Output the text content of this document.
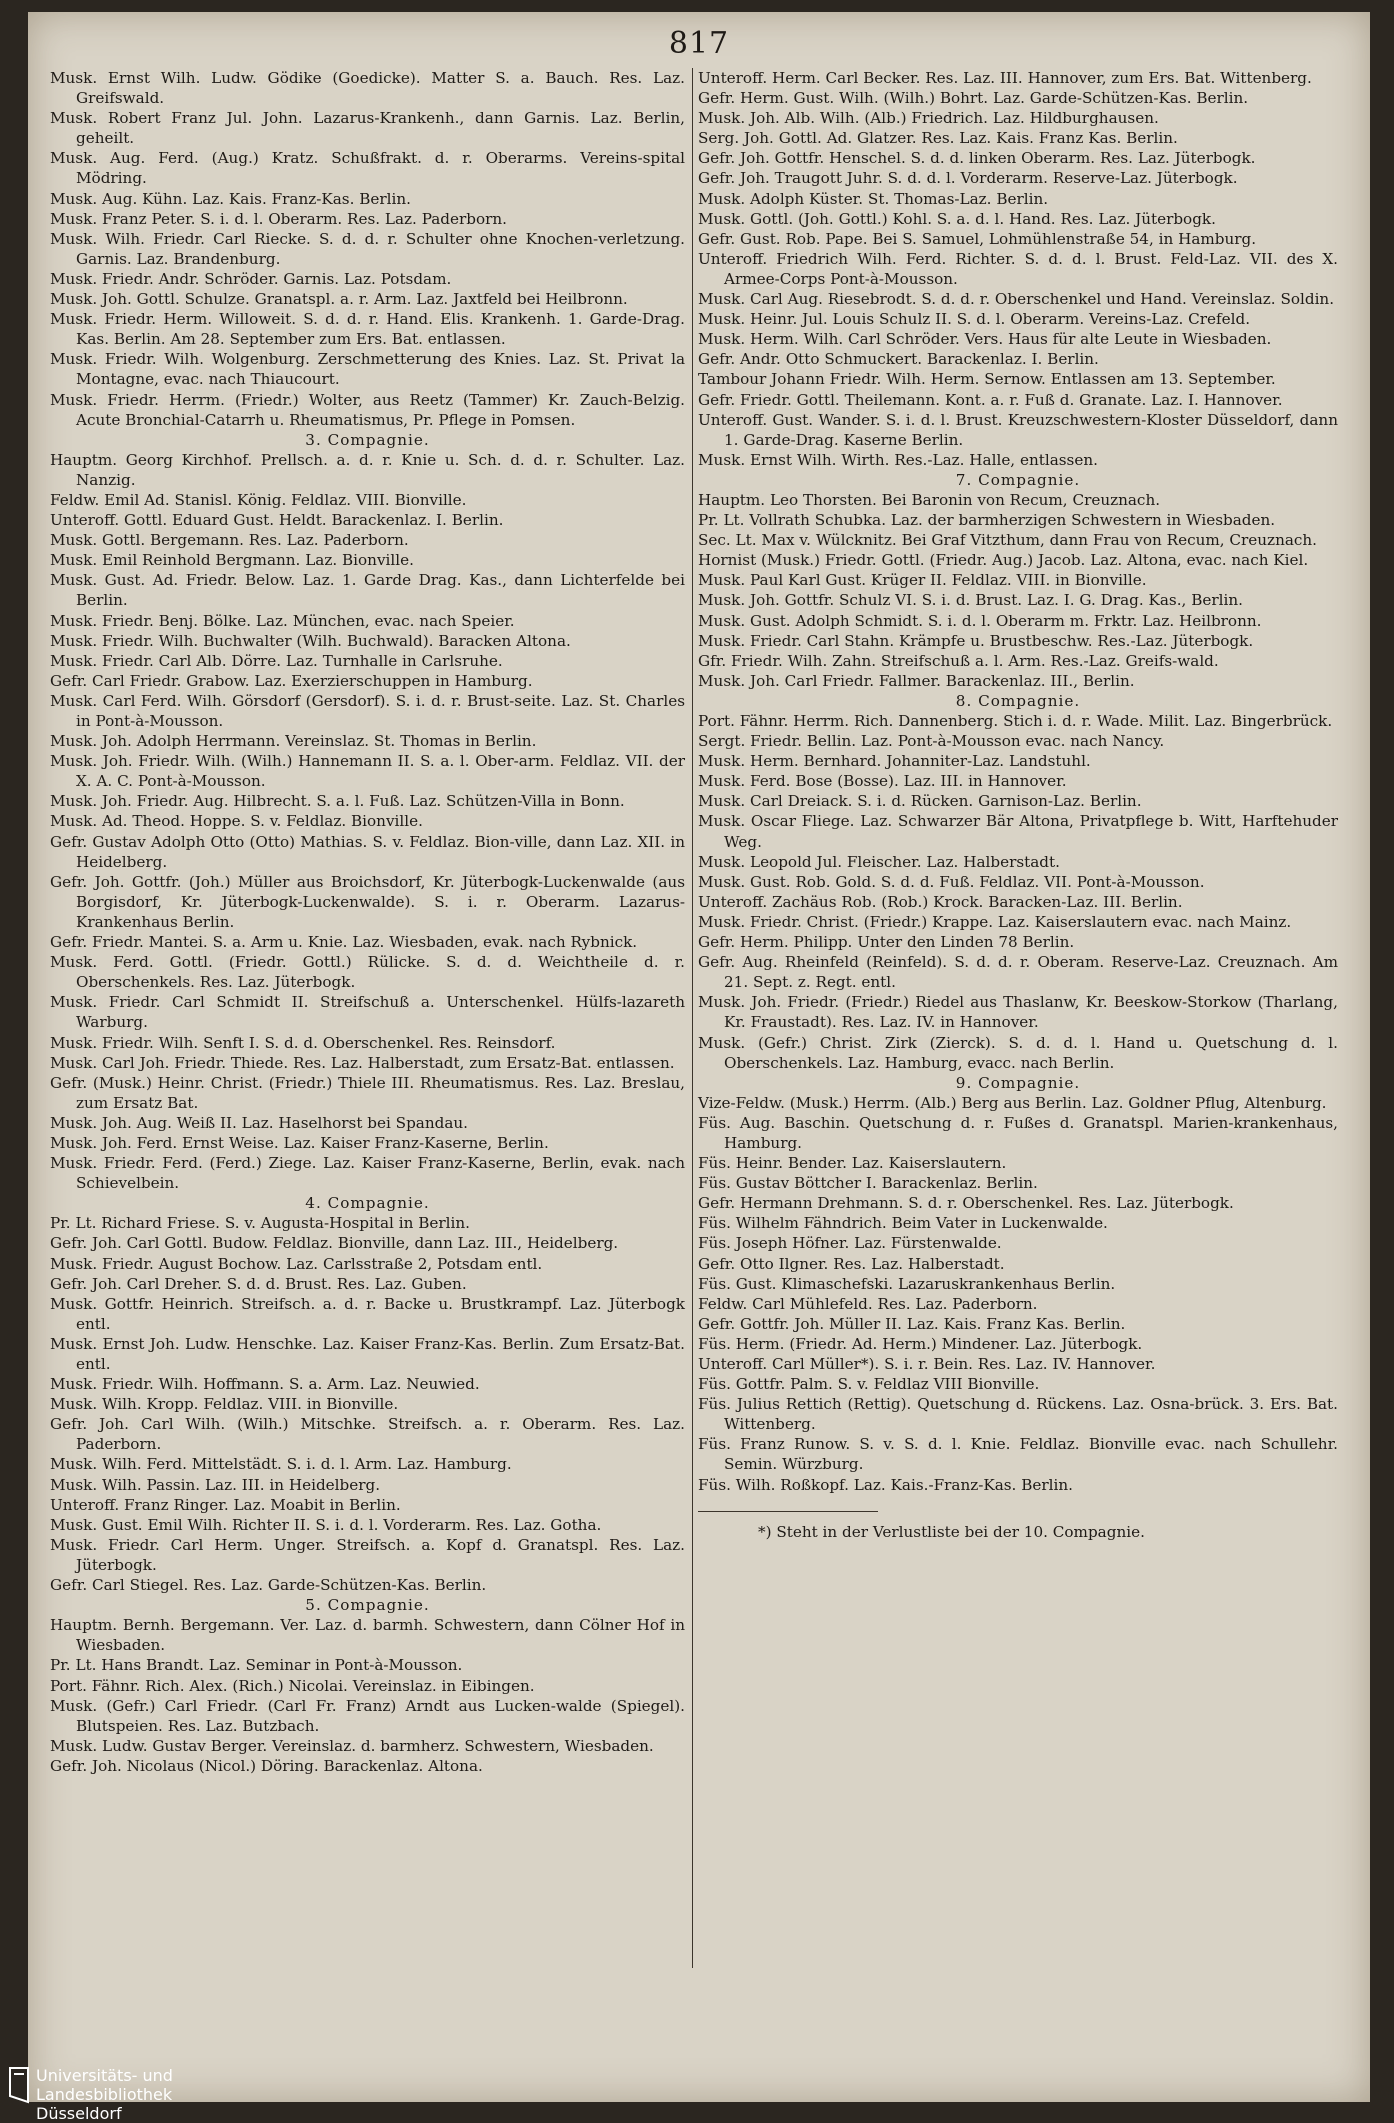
817

Musk. Ernst Wilh. Ludw. Gödike (Goedicke). Matter S. a. Bauch. Res. Laz. Greifswald.

Musk. Robert Franz Jul. John. Lazarus-Krankenh., dann Garnis. Laz. Berlin, geheilt.

Musk. Aug. Ferd. (Aug.) Kratz. Schußfrakt. d. r. Oberarms. Vereins-spital Mödring.

Musk. Aug. Kühn. Laz. Kais. Franz-Kas. Berlin.

Musk. Franz Peter. S. i. d. l. Oberarm. Res. Laz. Paderborn.

Musk. Wilh. Friedr. Carl Riecke. S. d. d. r. Schulter ohne Knochen-verletzung. Garnis. Laz. Brandenburg.

Musk. Friedr. Andr. Schröder. Garnis. Laz. Potsdam.

Musk. Joh. Gottl. Schulze. Granatspl. a. r. Arm. Laz. Jaxtfeld bei Heilbronn.

Musk. Friedr. Herm. Willoweit. S. d. d. r. Hand. Elis. Krankenh. 1. Garde-Drag. Kas. Berlin. Am 28. September zum Ers. Bat. entlassen.

Musk. Friedr. Wilh. Wolgenburg. Zerschmetterung des Knies. Laz. St. Privat la Montagne, evac. nach Thiaucourt.

Musk. Friedr. Herrm. (Friedr.) Wolter, aus Reetz (Tammer) Kr. Zauch-Belzig. Acute Bronchial-Catarrh u. Rheumatismus, Pr. Pflege in Pomsen.

3. Compagnie.

Hauptm. Georg Kirchhof. Prellsch. a. d. r. Knie u. Sch. d. d. r. Schulter. Laz. Nanzig.

Feldw. Emil Ad. Stanisl. König. Feldlaz. VIII. Bionville.

Unteroff. Gottl. Eduard Gust. Heldt. Barackenlaz. I. Berlin.

Musk. Gottl. Bergemann. Res. Laz. Paderborn.

Musk. Emil Reinhold Bergmann. Laz. Bionville.

Musk. Gust. Ad. Friedr. Below. Laz. 1. Garde Drag. Kas., dann Lichterfelde bei Berlin.

Musk. Friedr. Benj. Bölke. Laz. München, evac. nach Speier.

Musk. Friedr. Wilh. Buchwalter (Wilh. Buchwald). Baracken Altona.

Musk. Friedr. Carl Alb. Dörre. Laz. Turnhalle in Carlsruhe.

Gefr. Carl Friedr. Grabow. Laz. Exerzierschuppen in Hamburg.

Musk. Carl Ferd. Wilh. Görsdorf (Gersdorf). S. i. d. r. Brust-seite. Laz. St. Charles in Pont-à-Mousson.

Musk. Joh. Adolph Herrmann. Vereinslaz. St. Thomas in Berlin.

Musk. Joh. Friedr. Wilh. (Wilh.) Hannemann II. S. a. l. Ober-arm. Feldlaz. VII. der X. A. C. Pont-à-Mousson.

Musk. Joh. Friedr. Aug. Hilbrecht. S. a. l. Fuß. Laz. Schützen-Villa in Bonn.

Musk. Ad. Theod. Hoppe. S. v. Feldlaz. Bionville.

Gefr. Gustav Adolph Otto (Otto) Mathias. S. v. Feldlaz. Bion-ville, dann Laz. XII. in Heidelberg.

Gefr. Joh. Gottfr. (Joh.) Müller aus Broichsdorf, Kr. Jüterbogk-Luckenwalde (aus Borgisdorf, Kr. Jüterbogk-Luckenwalde). S. i. r. Oberarm. Lazarus-Krankenhaus Berlin.

Gefr. Friedr. Mantei. S. a. Arm u. Knie. Laz. Wiesbaden, evak. nach Rybnick.

Musk. Ferd. Gottl. (Friedr. Gottl.) Rülicke. S. d. d. Weichtheile d. r. Oberschenkels. Res. Laz. Jüterbogk.

Musk. Friedr. Carl Schmidt II. Streifschuß a. Unterschenkel. Hülfs-lazareth Warburg.

Musk. Friedr. Wilh. Senft I. S. d. d. Oberschenkel. Res. Reinsdorf.

Musk. Carl Joh. Friedr. Thiede. Res. Laz. Halberstadt, zum Ersatz-Bat. entlassen.

Gefr. (Musk.) Heinr. Christ. (Friedr.) Thiele III. Rheumatismus. Res. Laz. Breslau, zum Ersatz Bat.

Musk. Joh. Aug. Weiß II. Laz. Haselhorst bei Spandau.

Musk. Joh. Ferd. Ernst Weise. Laz. Kaiser Franz-Kaserne, Berlin.

Musk. Friedr. Ferd. (Ferd.) Ziege. Laz. Kaiser Franz-Kaserne, Berlin, evak. nach Schievelbein.

4. Compagnie.

Pr. Lt. Richard Friese. S. v. Augusta-Hospital in Berlin.

Gefr. Joh. Carl Gottl. Budow. Feldlaz. Bionville, dann Laz. III., Heidelberg.

Musk. Friedr. August Bochow. Laz. Carlsstraße 2, Potsdam entl.

Gefr. Joh. Carl Dreher. S. d. d. Brust. Res. Laz. Guben.

Musk. Gottfr. Heinrich. Streifsch. a. d. r. Backe u. Brustkrampf. Laz. Jüterbogk entl.

Musk. Ernst Joh. Ludw. Henschke. Laz. Kaiser Franz-Kas. Berlin. Zum Ersatz-Bat. entl.

Musk. Friedr. Wilh. Hoffmann. S. a. Arm. Laz. Neuwied.

Musk. Wilh. Kropp. Feldlaz. VIII. in Bionville.

Gefr. Joh. Carl Wilh. (Wilh.) Mitschke. Streifsch. a. r. Oberarm. Res. Laz. Paderborn.

Musk. Wilh. Ferd. Mittelstädt. S. i. d. l. Arm. Laz. Hamburg.

Musk. Wilh. Passin. Laz. III. in Heidelberg.

Unteroff. Franz Ringer. Laz. Moabit in Berlin.

Musk. Gust. Emil Wilh. Richter II. S. i. d. l. Vorderarm. Res. Laz. Gotha.

Musk. Friedr. Carl Herm. Unger. Streifsch. a. Kopf d. Granatspl. Res. Laz. Jüterbogk.

Gefr. Carl Stiegel. Res. Laz. Garde-Schützen-Kas. Berlin.

5. Compagnie.

Hauptm. Bernh. Bergemann. Ver. Laz. d. barmh. Schwestern, dann Cölner Hof in Wiesbaden.

Pr. Lt. Hans Brandt. Laz. Seminar in Pont-à-Mousson.

Port. Fähnr. Rich. Alex. (Rich.) Nicolai. Vereinslaz. in Eibingen.

Musk. (Gefr.) Carl Friedr. (Carl Fr. Franz) Arndt aus Lucken-walde (Spiegel). Blutspeien. Res. Laz. Butzbach.

Musk. Ludw. Gustav Berger. Vereinslaz. d. barmherz. Schwestern, Wiesbaden.

Gefr. Joh. Nicolaus (Nicol.) Döring. Barackenlaz. Altona.

Unteroff. Herm. Carl Becker. Res. Laz. III. Hannover, zum Ers. Bat. Wittenberg.

Gefr. Herm. Gust. Wilh. (Wilh.) Bohrt. Laz. Garde-Schützen-Kas. Berlin.

Musk. Joh. Alb. Wilh. (Alb.) Friedrich. Laz. Hildburghausen.

Serg. Joh. Gottl. Ad. Glatzer. Res. Laz. Kais. Franz Kas. Berlin.

Gefr. Joh. Gottfr. Henschel. S. d. d. linken Oberarm. Res. Laz. Jüterbogk.

Gefr. Joh. Traugott Juhr. S. d. d. l. Vorderarm. Reserve-Laz. Jüterbogk.

Musk. Adolph Küster. St. Thomas-Laz. Berlin.

Musk. Gottl. (Joh. Gottl.) Kohl. S. a. d. l. Hand. Res. Laz. Jüterbogk.

Gefr. Gust. Rob. Pape. Bei S. Samuel, Lohmühlenstraße 54, in Hamburg.

Unteroff. Friedrich Wilh. Ferd. Richter. S. d. d. l. Brust. Feld-Laz. VII. des X. Armee-Corps Pont-à-Mousson.

Musk. Carl Aug. Riesebrodt. S. d. d. r. Oberschenkel und Hand. Vereinslaz. Soldin.

Musk. Heinr. Jul. Louis Schulz II. S. d. l. Oberarm. Vereins-Laz. Crefeld.

Musk. Herm. Wilh. Carl Schröder. Vers. Haus für alte Leute in Wiesbaden.

Gefr. Andr. Otto Schmuckert. Barackenlaz. I. Berlin.

Tambour Johann Friedr. Wilh. Herm. Sernow. Entlassen am 13. September.

Gefr. Friedr. Gottl. Theilemann. Kont. a. r. Fuß d. Granate. Laz. I. Hannover.

Unteroff. Gust. Wander. S. i. d. l. Brust. Kreuzschwestern-Kloster Düsseldorf, dann 1. Garde-Drag. Kaserne Berlin.

Musk. Ernst Wilh. Wirth. Res.-Laz. Halle, entlassen.

7. Compagnie.

Hauptm. Leo Thorsten. Bei Baronin von Recum, Creuznach.

Pr. Lt. Vollrath Schubka. Laz. der barmherzigen Schwestern in Wiesbaden.

Sec. Lt. Max v. Wülcknitz. Bei Graf Vitzthum, dann Frau von Recum, Creuznach.

Hornist (Musk.) Friedr. Gottl. (Friedr. Aug.) Jacob. Laz. Altona, evac. nach Kiel.

Musk. Paul Karl Gust. Krüger II. Feldlaz. VIII. in Bionville.

Musk. Joh. Gottfr. Schulz VI. S. i. d. Brust. Laz. I. G. Drag. Kas., Berlin.

Musk. Gust. Adolph Schmidt. S. i. d. l. Oberarm m. Frktr. Laz. Heilbronn.

Musk. Friedr. Carl Stahn. Krämpfe u. Brustbeschw. Res.-Laz. Jüterbogk.

Gfr. Friedr. Wilh. Zahn. Streifschuß a. l. Arm. Res.-Laz. Greifs-wald.

Musk. Joh. Carl Friedr. Fallmer. Barackenlaz. III., Berlin.

8. Compagnie.

Port. Fähnr. Herrm. Rich. Dannenberg. Stich i. d. r. Wade. Milit. Laz. Bingerbrück.

Sergt. Friedr. Bellin. Laz. Pont-à-Mousson evac. nach Nancy.

Musk. Herm. Bernhard. Johanniter-Laz. Landstuhl.

Musk. Ferd. Bose (Bosse). Laz. III. in Hannover.

Musk. Carl Dreiack. S. i. d. Rücken. Garnison-Laz. Berlin.

Musk. Oscar Fliege. Laz. Schwarzer Bär Altona, Privatpflege b. Witt, Harftehuder Weg.

Musk. Leopold Jul. Fleischer. Laz. Halberstadt.

Musk. Gust. Rob. Gold. S. d. d. Fuß. Feldlaz. VII. Pont-à-Mousson.

Unteroff. Zachäus Rob. (Rob.) Krock. Baracken-Laz. III. Berlin.

Musk. Friedr. Christ. (Friedr.) Krappe. Laz. Kaiserslautern evac. nach Mainz.

Gefr. Herm. Philipp. Unter den Linden 78 Berlin.

Gefr. Aug. Rheinfeld (Reinfeld). S. d. d. r. Oberam. Reserve-Laz. Creuznach. Am 21. Sept. z. Regt. entl.

Musk. Joh. Friedr. (Friedr.) Riedel aus Thaslanw, Kr. Beeskow-Storkow (Tharlang, Kr. Fraustadt). Res. Laz. IV. in Hannover.

Musk. (Gefr.) Christ. Zirk (Zierck). S. d. d. l. Hand u. Quetschung d. l. Oberschenkels. Laz. Hamburg, evacc. nach Berlin.

9. Compagnie.

Vize-Feldw. (Musk.) Herrm. (Alb.) Berg aus Berlin. Laz. Goldner Pflug, Altenburg.

Füs. Aug. Baschin. Quetschung d. r. Fußes d. Granatspl. Marien-krankenhaus, Hamburg.

Füs. Heinr. Bender. Laz. Kaiserslautern.

Füs. Gustav Böttcher I. Barackenlaz. Berlin.

Gefr. Hermann Drehmann. S. d. r. Oberschenkel. Res. Laz. Jüterbogk.

Füs. Wilhelm Fähndrich. Beim Vater in Luckenwalde.

Füs. Joseph Höfner. Laz. Fürstenwalde.

Gefr. Otto Ilgner. Res. Laz. Halberstadt.

Füs. Gust. Klimaschefski. Lazaruskrankenhaus Berlin.

Feldw. Carl Mühlefeld. Res. Laz. Paderborn.

Gefr. Gottfr. Joh. Müller II. Laz. Kais. Franz Kas. Berlin.

Füs. Herm. (Friedr. Ad. Herm.) Mindener. Laz. Jüterbogk.

Unteroff. Carl Müller*). S. i. r. Bein. Res. Laz. IV. Hannover.

Füs. Gottfr. Palm. S. v. Feldlaz VIII Bionville.

Füs. Julius Rettich (Rettig). Quetschung d. Rückens. Laz. Osna-brück. 3. Ers. Bat. Wittenberg.

Füs. Franz Runow. S. v. S. d. l. Knie. Feldlaz. Bionville evac. nach Schullehr. Semin. Würzburg.

Füs. Wilh. Roßkopf. Laz. Kais.-Franz-Kas. Berlin.

*) Steht in der Verlustliste bei der 10. Compagnie.

Universitäts- und
Landesbibliothek Düsseldorf
